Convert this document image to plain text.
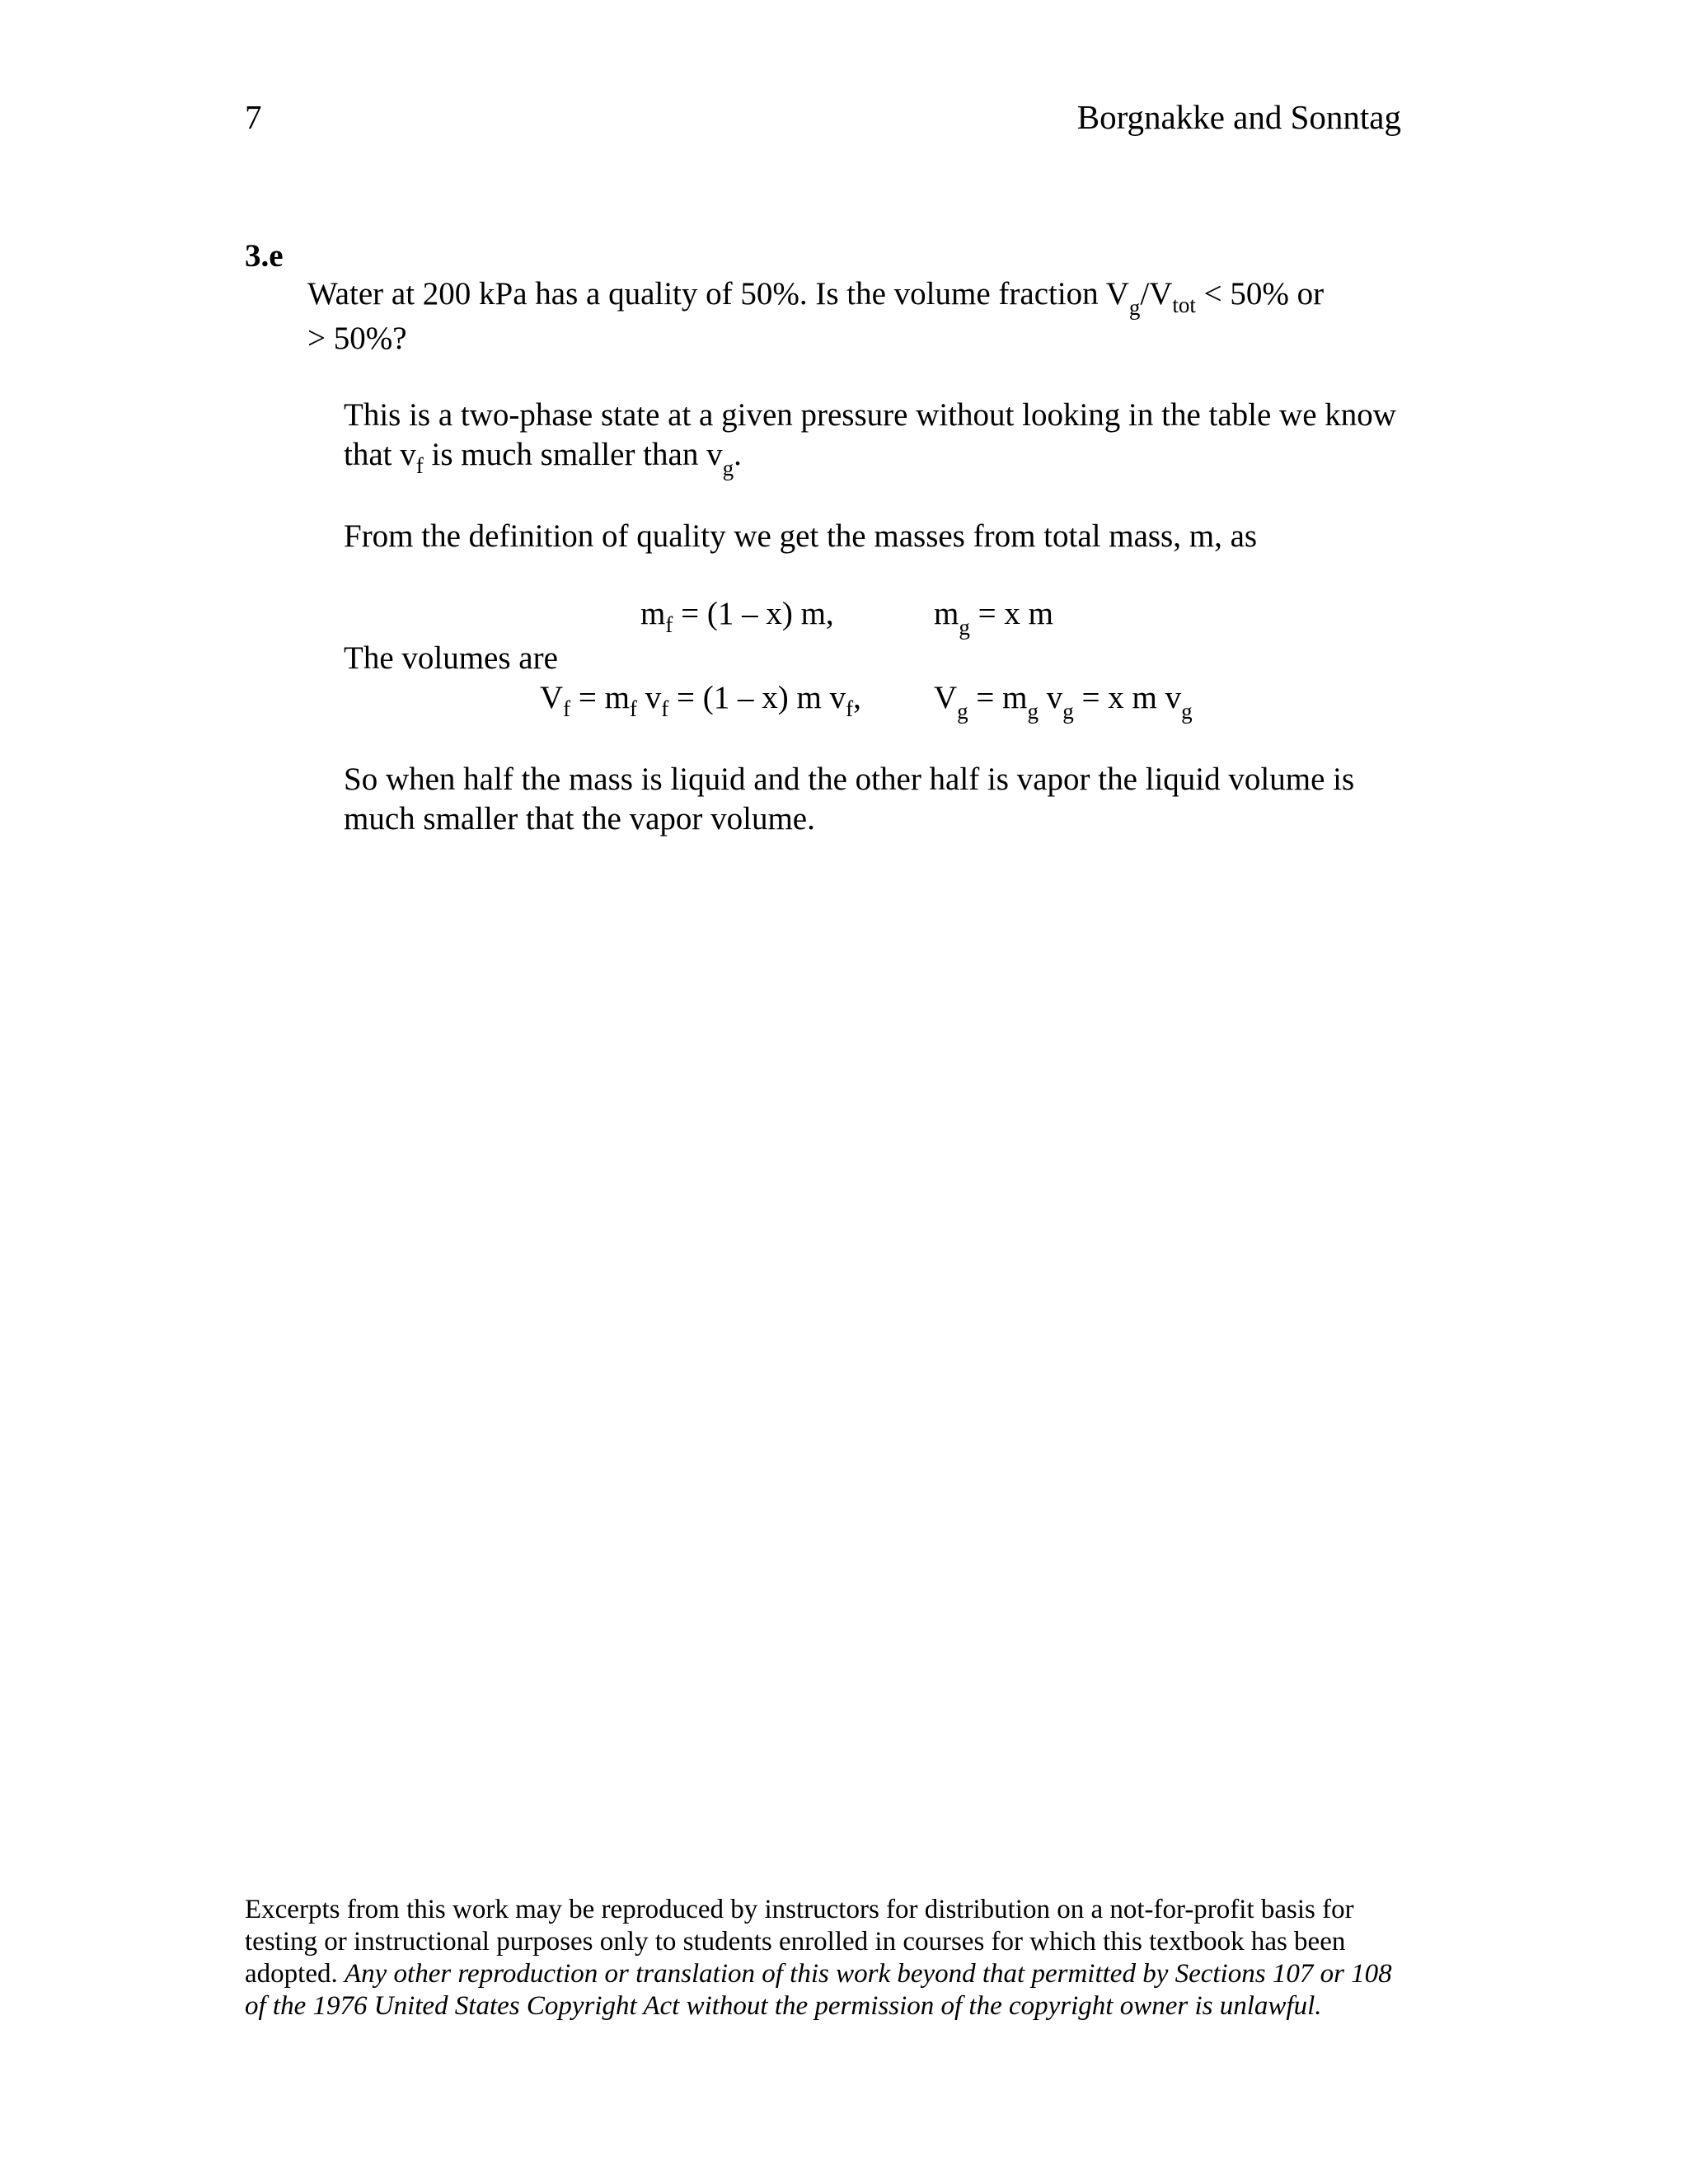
7	Borgnakke and Sonntag
3.e
Water at 200 kPa has a quality of 50%. Is the volume fraction $V_g/V_{tot} < 50\%$ or
> 50%?
This is a two-phase state at a given pressure without looking in the table we know
that $v_f$ is much smaller than $v_g$.
From the definition of quality we get the masses from total mass, m, as
$m_f = (1 - x)$ m,	$m_g = x$ m
The volumes are
$V_f = m_f$ $v_f = (1 - x)$ m $v_f$, $V_g = m_g$ $v_g = x$ m $v_g$
So when half the mass is liquid and the other half is vapor the liquid volume is
much smaller that the vapor volume.
Excerpts from this work may be reproduced by instructors for distribution on a not-for-profit basis for
testing or instructional purposes only to students enrolled in courses for which this textbook has been
adopted. Any other reproduction or translation of this work beyond that permitted by Sections 107 or 108
of the 1976 United States Copyright Act without the permission of the copyright owner is unlawful.
